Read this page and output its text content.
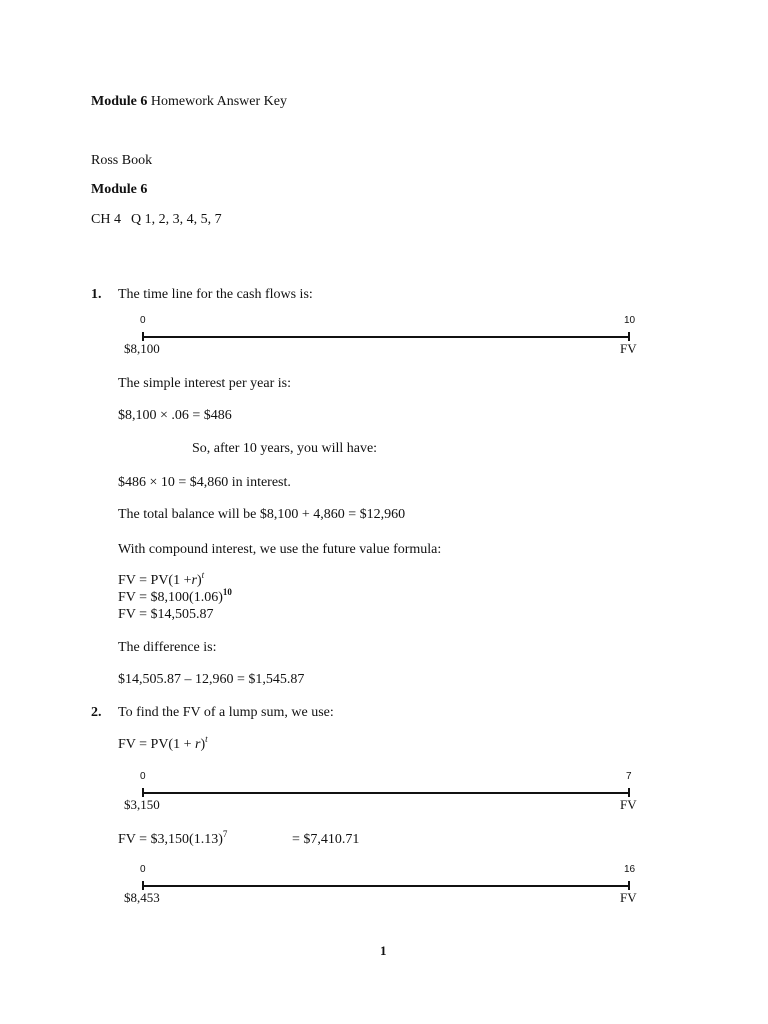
Module 6 Homework Answer Key
Ross Book
Module 6
CH 4 Q 1, 2, 3, 4, 5, 7
1. The time line for the cash flows is:
0	10
$8,100	FV
The simple interest per year is:
$8,100 × .06 = $486
So, after 10 years, you will have:
$486 × 10 = $4,860 in interest.
The total balance will be $8,100 + 4,860 = $12,960
With compound interest, we use the future value formula:
FV = $PV(1 +r)^t$
FV = $\$8,100(1.06)^{10}$
FV = $14,505.87
The difference is:
$14,505.87 – 12,960 = $1,545.87
2. To find the FV of a lump sum, we use:
FV = $PV(1 + r)^t$
0	7
$3,150	FV
FV = $\$3,150(1.13)^7$	= $7,410.71
0	16
$8,453	FV
1
